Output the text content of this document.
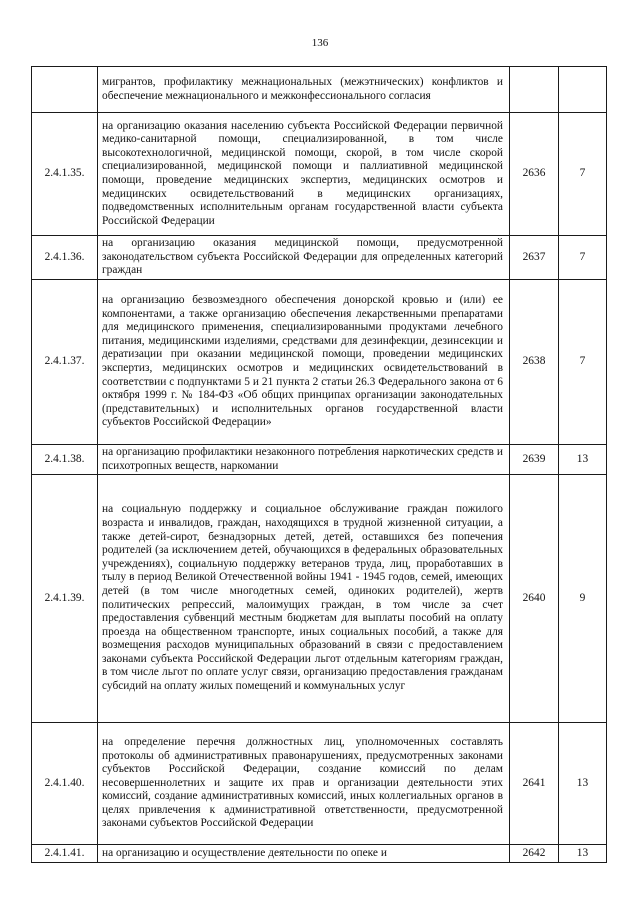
136
	мигрантов, профилактику межнациональных (межэтнических) конфликтов и обеспечение межнационального и межконфессионального согласия		
2.4.1.35.	на организацию оказания населению субъекта Российской Федерации первичной медико-санитарной помощи, специализированной, в том числе высокотехнологичной, медицинской помощи, скорой, в том числе скорой специализированной, медицинской помощи и паллиативной медицинской помощи, проведение медицинских экспертиз, медицинских осмотров и медицинских освидетельствований в медицинских организациях, подведомственных исполнительным органам государственной власти субъекта Российской Федерации	2636	7
2.4.1.36.	на организацию оказания медицинской помощи, предусмотренной законодательством субъекта Российской Федерации для определенных категорий граждан	2637	7
2.4.1.37.	на организацию безвозмездного обеспечения донорской кровью и (или) ее компонентами, а также организацию обеспечения лекарственными препаратами для медицинского применения, специализированными продуктами лечебного питания, медицинскими изделиями, средствами для дезинфекции, дезинсекции и дератизации при оказании медицинской помощи, проведении медицинских экспертиз, медицинских осмотров и медицинских освидетельствований в соответствии с подпунктами 5 и 21 пункта 2 статьи 26.3 Федерального закона от 6 октября 1999 г. № 184-ФЗ «Об общих принципах организации законодательных (представительных) и исполнительных органов государственной власти субъектов Российской Федерации»	2638	7
2.4.1.38.	на организацию профилактики незаконного потребления наркотических средств и психотропных веществ, наркомании	2639	13
2.4.1.39.	на социальную поддержку и социальное обслуживание граждан пожилого возраста и инвалидов, граждан, находящихся в трудной жизненной ситуации, а также детей-сирот, безнадзорных детей, детей, оставшихся без попечения родителей (за исключением детей, обучающихся в федеральных образовательных учреждениях), социальную поддержку ветеранов труда, лиц, проработавших в тылу в период Великой Отечественной войны 1941 - 1945 годов, семей, имеющих детей (в том числе многодетных семей, одиноких родителей), жертв политических репрессий, малоимущих граждан, в том числе за счет предоставления субвенций местным бюджетам для выплаты пособий на оплату проезда на общественном транспорте, иных социальных пособий, а также для возмещения расходов муниципальных образований в связи с предоставлением законами субъекта Российской Федерации льгот отдельным категориям граждан, в том числе льгот по оплате услуг связи, организацию предоставления гражданам субсидий на оплату жилых помещений и коммунальных услуг	2640	9
2.4.1.40.	на определение перечня должностных лиц, уполномоченных составлять протоколы об административных правонарушениях, предусмотренных законами субъектов Российской Федерации, создание комиссий по делам несовершеннолетних и защите их прав и организации деятельности этих комиссий, создание административных комиссий, иных коллегиальных органов в целях привлечения к административной ответственности, предусмотренной законами субъектов Российской Федерации	2641	13
2.4.1.41.	на организацию и осуществление деятельности по опеке и	2642	13
